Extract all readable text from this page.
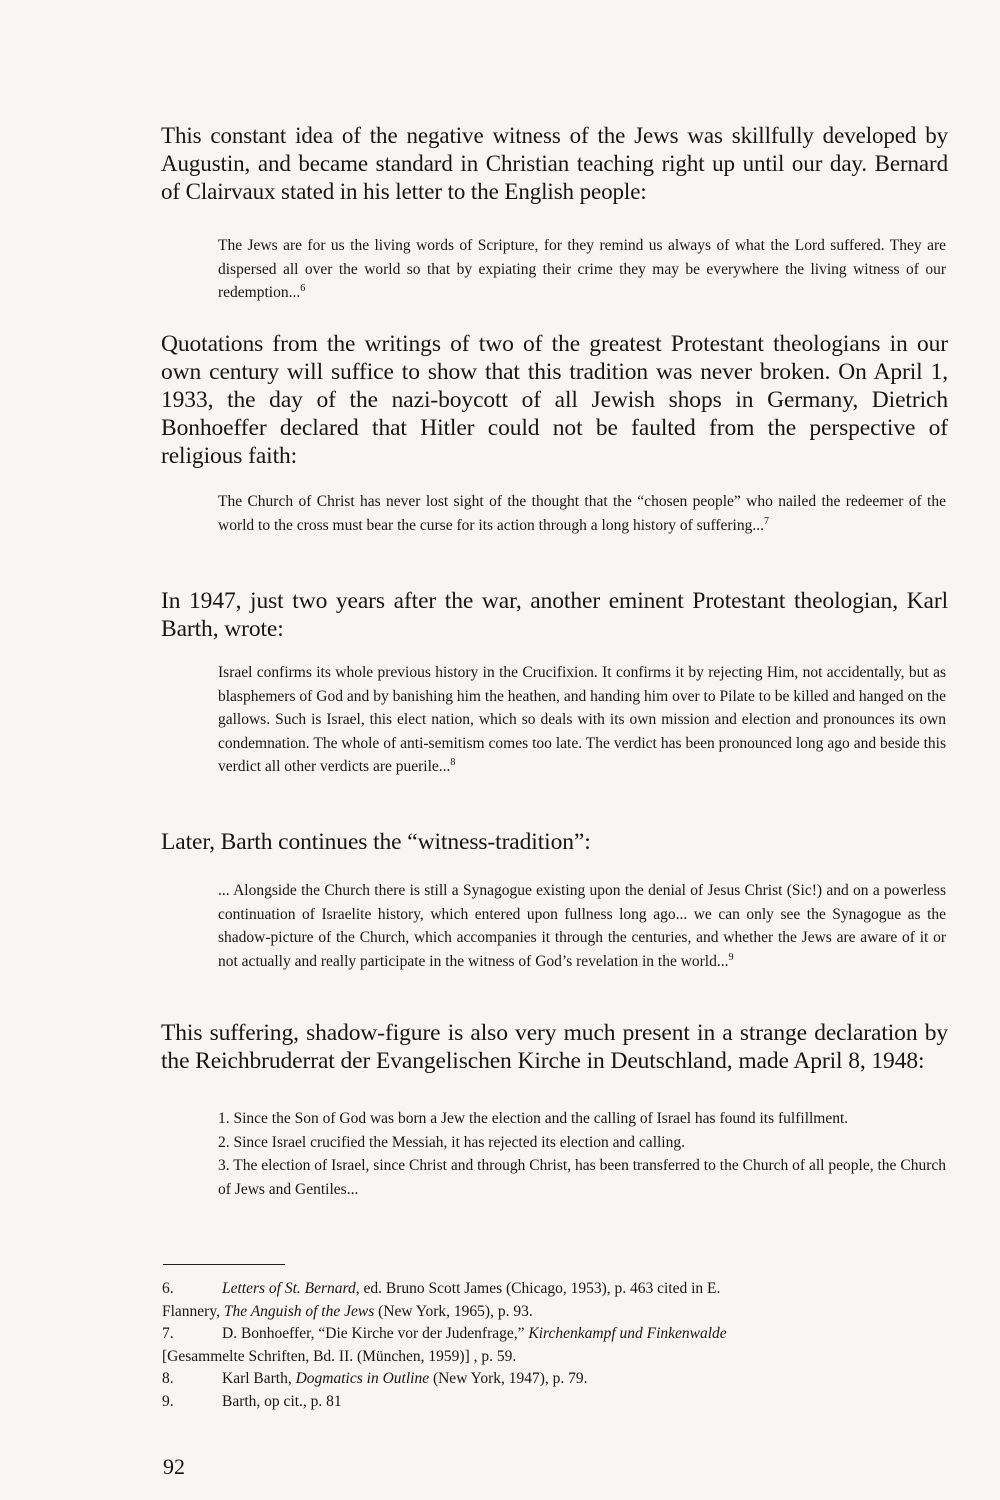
This constant idea of the negative witness of the Jews was skillfully developed by Augustin, and became standard in Christian teaching right up until our day. Bernard of Clairvaux stated in his letter to the English people:

The Jews are for us the living words of Scripture, for they remind us always of what the Lord suffered. They are dispersed all over the world so that by expiating their crime they may be everywhere the living witness of our redemption...$^6$

Quotations from the writings of two of the greatest Protestant theologians in our own century will suffice to show that this tradition was never broken. On April 1, 1933, the day of the nazi-boycott of all Jewish shops in Germany, Dietrich Bonhoeffer declared that Hitler could not be faulted from the perspective of religious faith:

The Church of Christ has never lost sight of the thought that the “chosen people” who nailed the redeemer of the world to the cross must bear the curse for its action through a long history of suffering...$^7$

In 1947, just two years after the war, another eminent Protestant theologian, Karl Barth, wrote:

Israel confirms its whole previous history in the Crucifixion. It confirms it by rejecting Him, not accidentally, but as blasphemers of God and by banishing him the heathen, and handing him over to Pilate to be killed and hanged on the gallows. Such is Israel, this elect nation, which so deals with its own mission and election and pronounces its own condemnation. The whole of anti-semitism comes too late. The verdict has been pronounced long ago and beside this verdict all other verdicts are puerile...$^8$

Later, Barth continues the “witness-tradition”:

... Alongside the Church there is still a Synagogue existing upon the denial of Jesus Christ (Sic!) and on a powerless continuation of Israelite history, which entered upon fullness long ago... we can only see the Synagogue as the shadow-picture of the Church, which accompanies it through the centuries, and whether the Jews are aware of it or not actually and really participate in the witness of God’s revelation in the world...$^9$

This suffering, shadow-figure is also very much present in a strange declaration by the Reichbruderrat der Evangelischen Kirche in Deutschland, made April 8, 1948:

1. Since the Son of God was born a Jew the election and the calling of Israel has found its fulfillment.

2. Since Israel crucified the Messiah, it has rejected its election and calling.

3. The election of Israel, since Christ and through Christ, has been transferred to the Church of all people, the Church of Jews and Gentiles...

6.	Letters of St. Bernard, ed. Bruno Scott James (Chicago, 1953), p. 463 cited in E.
Flannery, The Anguish of the Jews (New York, 1965), p. 93.

7.	D. Bonhoeffer, “Die Kirche vor der Judenfrage,” Kirchenkampf und Finkenwalde
[Gesammelte Schriften, Bd. II. (München, 1959)] , p. 59.

8.	Karl Barth, Dogmatics in Outline (New York, 1947), p. 79.

9.	Barth, op cit., p. 81

92
